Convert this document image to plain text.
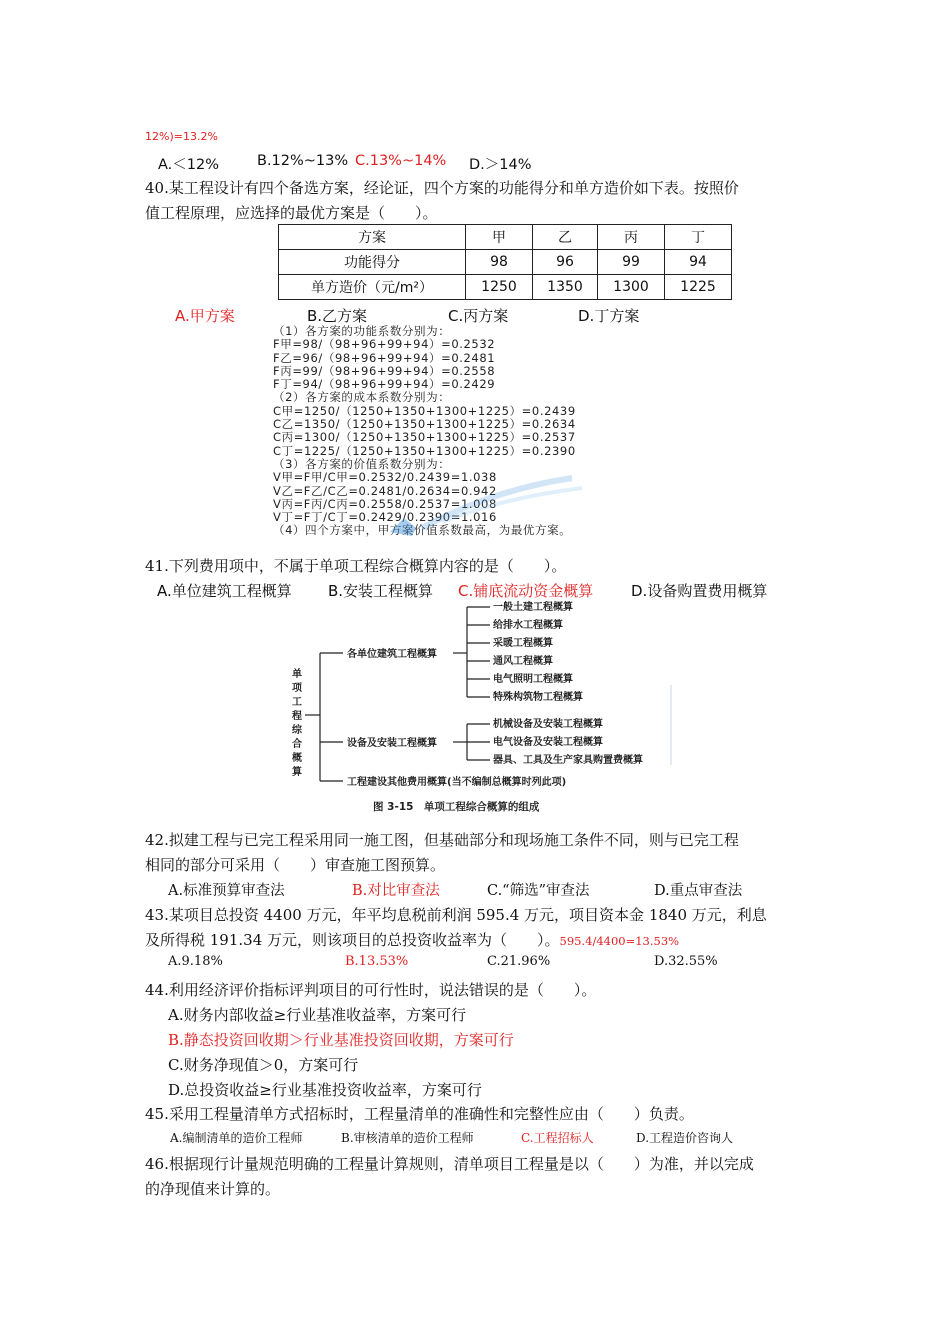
12%)=13.2%
A.＜12%	B.12%~13% C.13%~14% D.＞14%
40.某工程设计有四个备选方案，经论证，四个方案的功能得分和单方造价如下表。按照价
值工程原理，应选择的最优方案是（　　）。
方案	甲	乙	丙	丁
功能得分	98	96	99	94
单方造价（元/m²）	1250	1350	1300	1225
A.甲方案	B.乙方案	C.丙方案	D.丁方案
（1）各方案的功能系数分别为：
F甲=98/（98+96+99+94）=0.2532
F乙=96/（98+96+99+94）=0.2481
F丙=99/（98+96+99+94）=0.2558
F丁=94/（98+96+99+94）=0.2429
（2）各方案的成本系数分别为：
C甲=1250/（1250+1350+1300+1225）=0.2439
C乙=1350/（1250+1350+1300+1225）=0.2634
C丙=1300/（1250+1350+1300+1225）=0.2537
C丁=1225/（1250+1350+1300+1225）=0.2390
（3）各方案的价值系数分别为：
V甲=F甲/C甲=0.2532/0.2439=1.038
V乙=F乙/C乙=0.2481/0.2634=0.942
V丙=F丙/C丙=0.2558/0.2537=1.008
V丁=F丁/C丁=0.2429/0.2390=1.016
（4）四个方案中，甲方案价值系数最高，为最优方案。
41.下列费用项中，不属于单项工程综合概算内容的是（　　）。
A.单位建筑工程概算 B.安装工程概算 C.铺底流动资金概算	D.设备购置费用概算
单项工程综合概算
各单位建筑工程概算
设备及安装工程概算
工程建设其他费用概算(当不编制总概算时列此项)
一般土建工程概算
给排水工程概算
采暖工程概算
通风工程概算
电气照明工程概算
特殊构筑物工程概算
机械设备及安装工程概算
电气设备及安装工程概算
器具、工具及生产家具购置费概算
图 3-15　单项工程综合概算的组成
42.拟建工程与已完工程采用同一施工图，但基础部分和现场施工条件不同，则与已完工程
相同的部分可采用（　　）审查施工图预算。
A.标准预算审查法	B.对比审查法	C.“筛选”审查法	D.重点审查法
43.某项目总投资 4400 万元，年平均息税前利润 595.4 万元，项目资本金 1840 万元，利息
及所得税 191.34 万元，则该项目的总投资收益率为（　　）。595.4/4400=13.53%
A.9.18%	B.13.53%	C.21.96%	D.32.55%
44.利用经济评价指标评判项目的可行性时，说法错误的是（　　）。
A.财务内部收益≥行业基准收益率，方案可行
B.静态投资回收期＞行业基准投资回收期，方案可行
C.财务净现值＞0，方案可行
D.总投资收益≥行业基准投资收益率，方案可行
45.采用工程量清单方式招标时，工程量清单的准确性和完整性应由（　　）负责。
A.编制清单的造价工程师	B.审核清单的造价工程师	C.工程招标人	D.工程造价咨询人
46.根据现行计量规范明确的工程量计算规则，清单项目工程量是以（　　）为准，并以完成
的净现值来计算的。
